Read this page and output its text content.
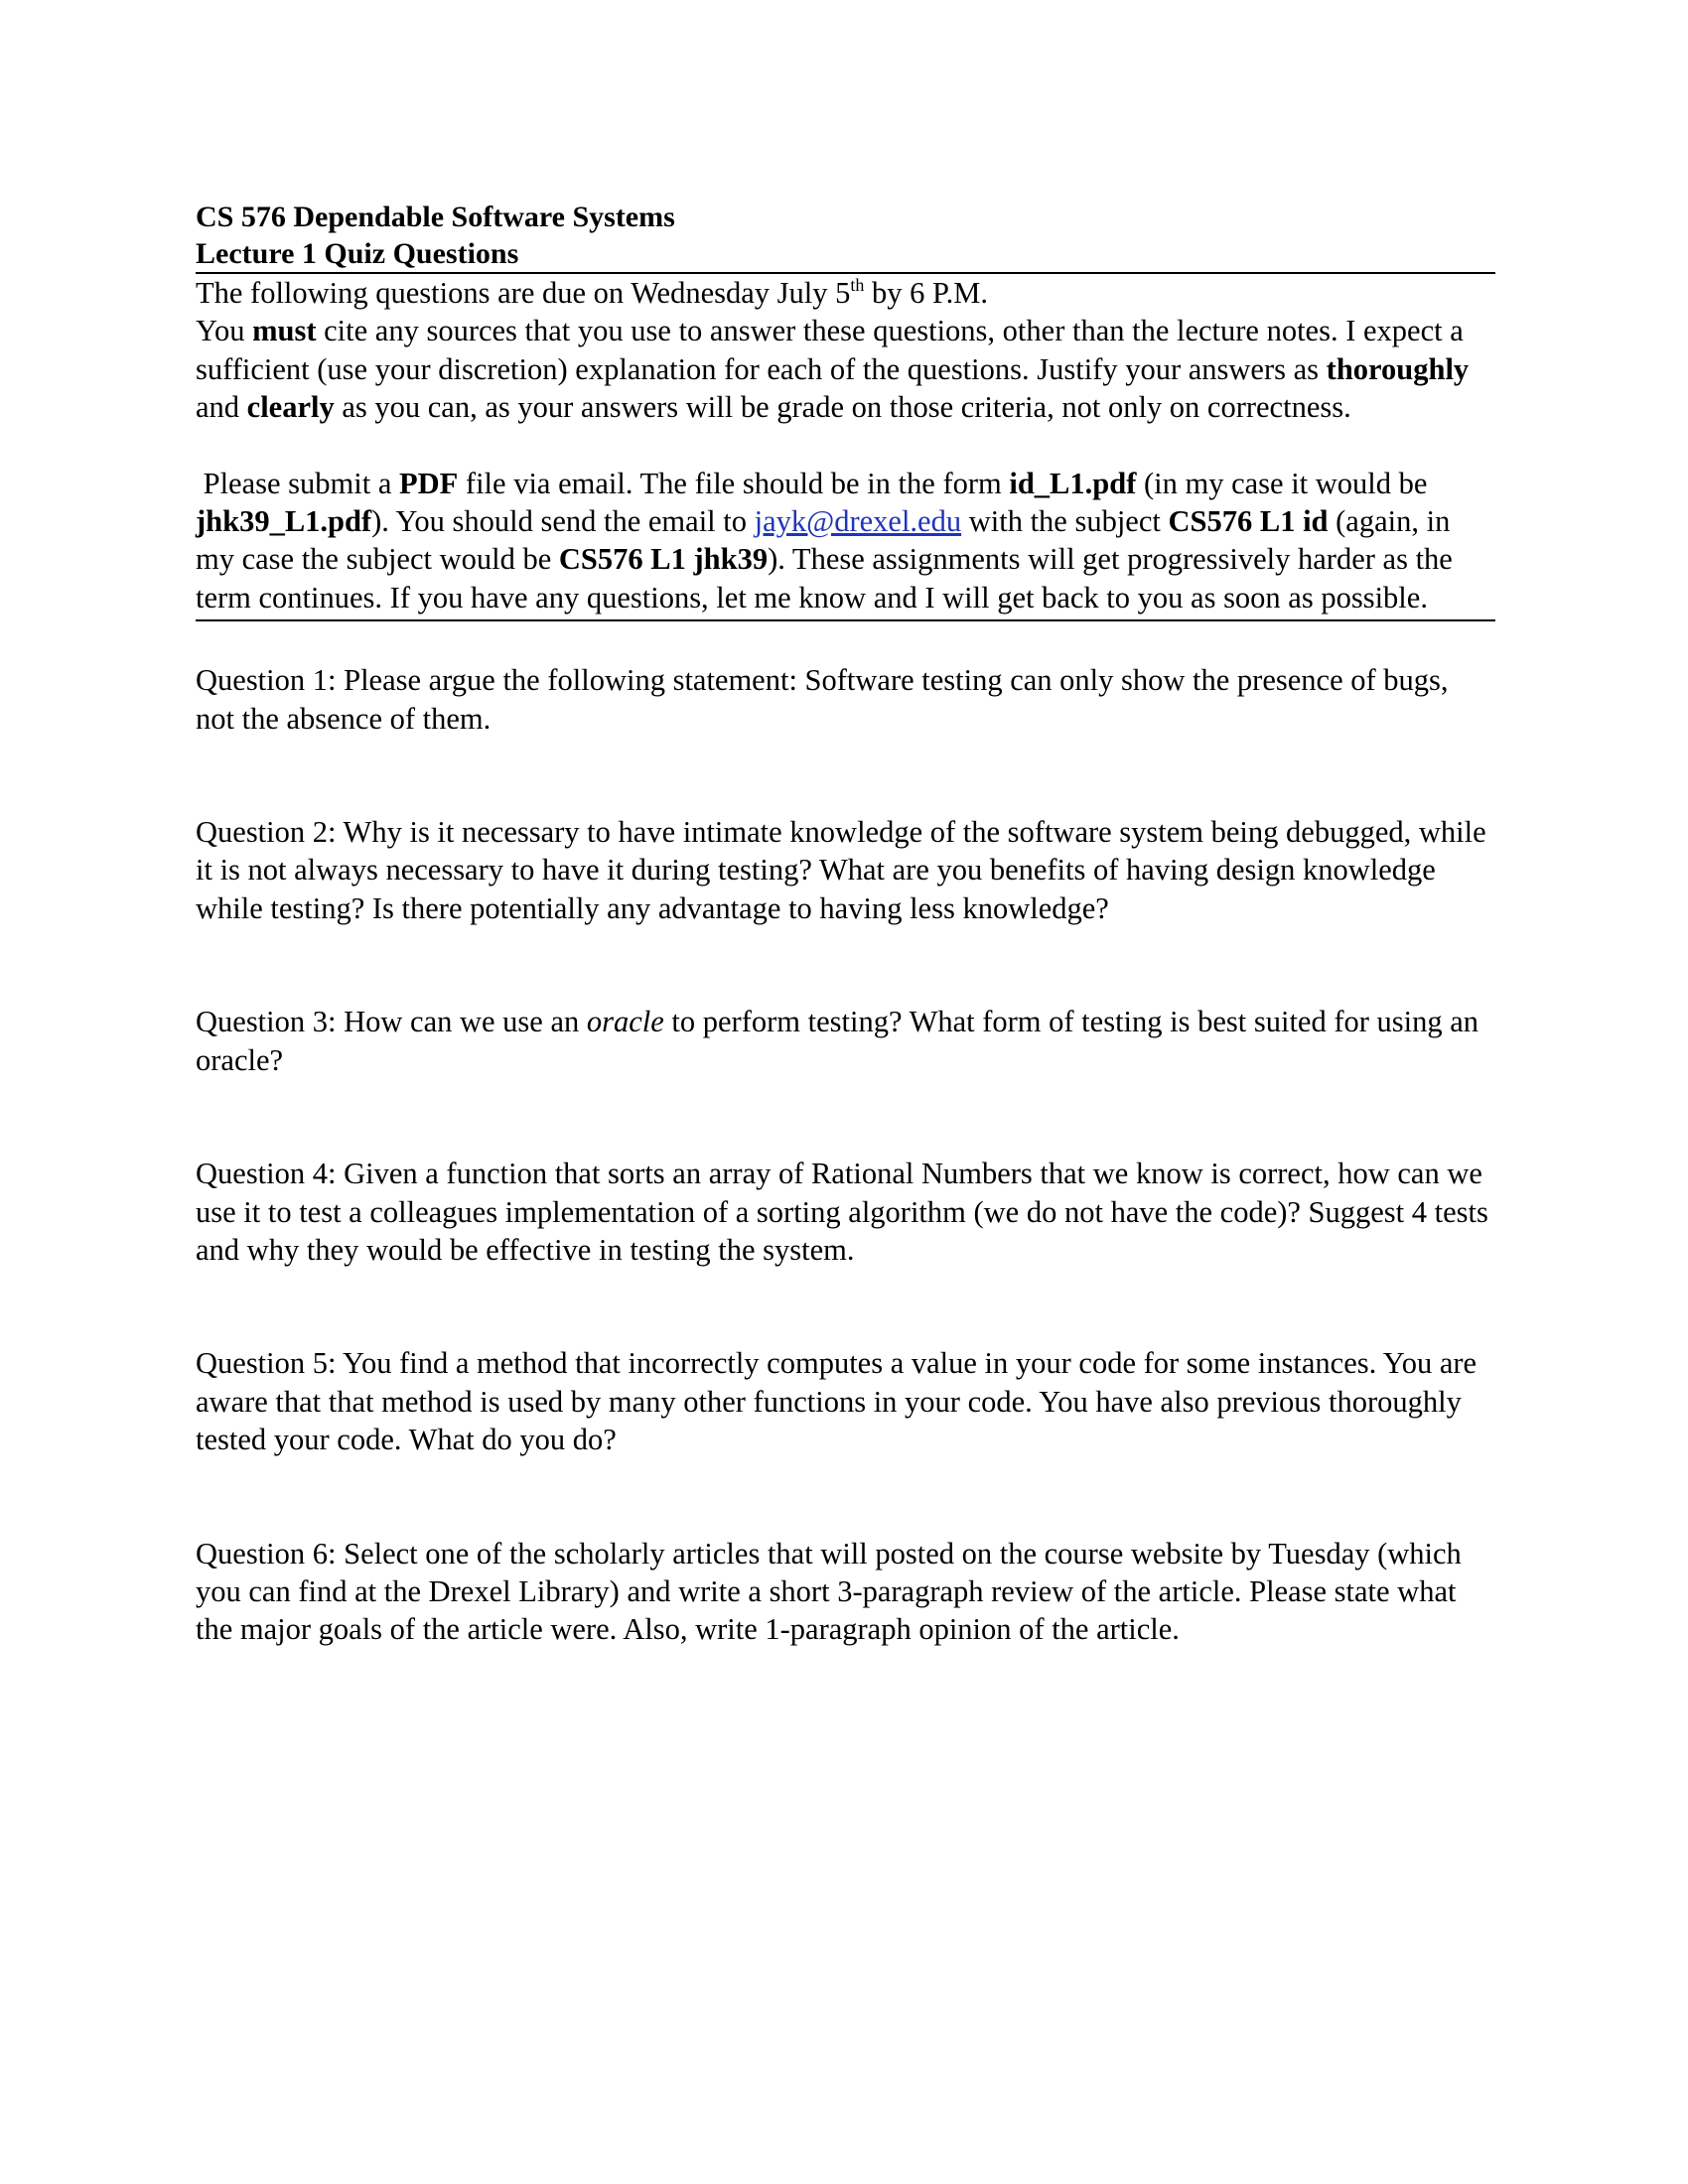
CS 576 Dependable Software Systems
Lecture 1 Quiz Questions

The following questions are due on Wednesday July 5th by 6 P.M.

You must cite any sources that you use to answer these questions, other than the lecture notes. I expect a sufficient (use your discretion) explanation for each of the questions. Justify your answers as thoroughly and clearly as you can, as your answers will be grade on those criteria, not only on correctness.

Please submit a PDF file via email. The file should be in the form id_L1.pdf (in my case it would be jhk39_L1.pdf). You should send the email to jayk@drexel.edu with the subject CS576 L1 id (again, in my case the subject would be CS576 L1 jhk39). These assignments will get progressively harder as the term continues. If you have any questions, let me know and I will get back to you as soon as possible.

Question 1: Please argue the following statement: Software testing can only show the presence of bugs, not the absence of them.

Question 2: Why is it necessary to have intimate knowledge of the software system being debugged, while it is not always necessary to have it during testing? What are you benefits of having design knowledge while testing? Is there potentially any advantage to having less knowledge?

Question 3: How can we use an oracle to perform testing? What form of testing is best suited for using an oracle?

Question 4: Given a function that sorts an array of Rational Numbers that we know is correct, how can we use it to test a colleagues implementation of a sorting algorithm (we do not have the code)? Suggest 4 tests and why they would be effective in testing the system.

Question 5: You find a method that incorrectly computes a value in your code for some instances. You are aware that that method is used by many other functions in your code. You have also previous thoroughly tested your code. What do you do?

Question 6: Select one of the scholarly articles that will posted on the course website by Tuesday (which you can find at the Drexel Library) and write a short 3-paragraph review of the article. Please state what the major goals of the article were. Also, write 1-paragraph opinion of the article.
